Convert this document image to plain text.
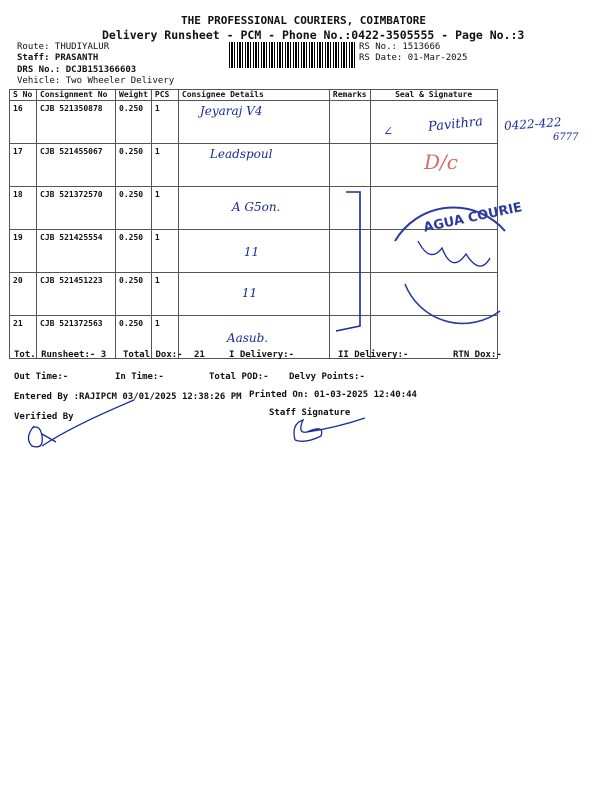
THE PROFESSIONAL COURIERS, COIMBATORE
Delivery Runsheet - PCM - Phone No.:0422-3505555 - Page No.:3
Route: THUDIYALUR
Staff: PRASANTH
DRS No.: DCJB151366603
Vehicle: Two Wheeler Delivery
RS No.: 1513666
RS Date: 01-Mar-2025
S No	Consignment No	Weight	PCS	Consignee Details	Remarks	Seal & Signature
16	CJB 521350878	0.250	1	Jeyaraj V4		
17	CJB 521455067	0.250	1	Leadspoul		
18	CJB 521372570	0.250	1	A G5on.		
19	CJB 521425554	0.250	1	11		
20	CJB 521451223	0.250	1	11		
21	CJB 521372563	0.250	1	Aasub.		
Pavithra
∠	0422-422
6777
D/c
AGUA COURIE
Tot. Runsheet:- 3 Total Dox:- 21	I Delivery:-	II Delivery:-	RTN Dox:-
Out Time:-	In Time:-	Total POD:- Delvy Points:-
Entered By :RAJIPCM 03/01/2025 12:38:26 PM Printed On: 01-03-2025 12:40:44
Verified By	Staff Signature
